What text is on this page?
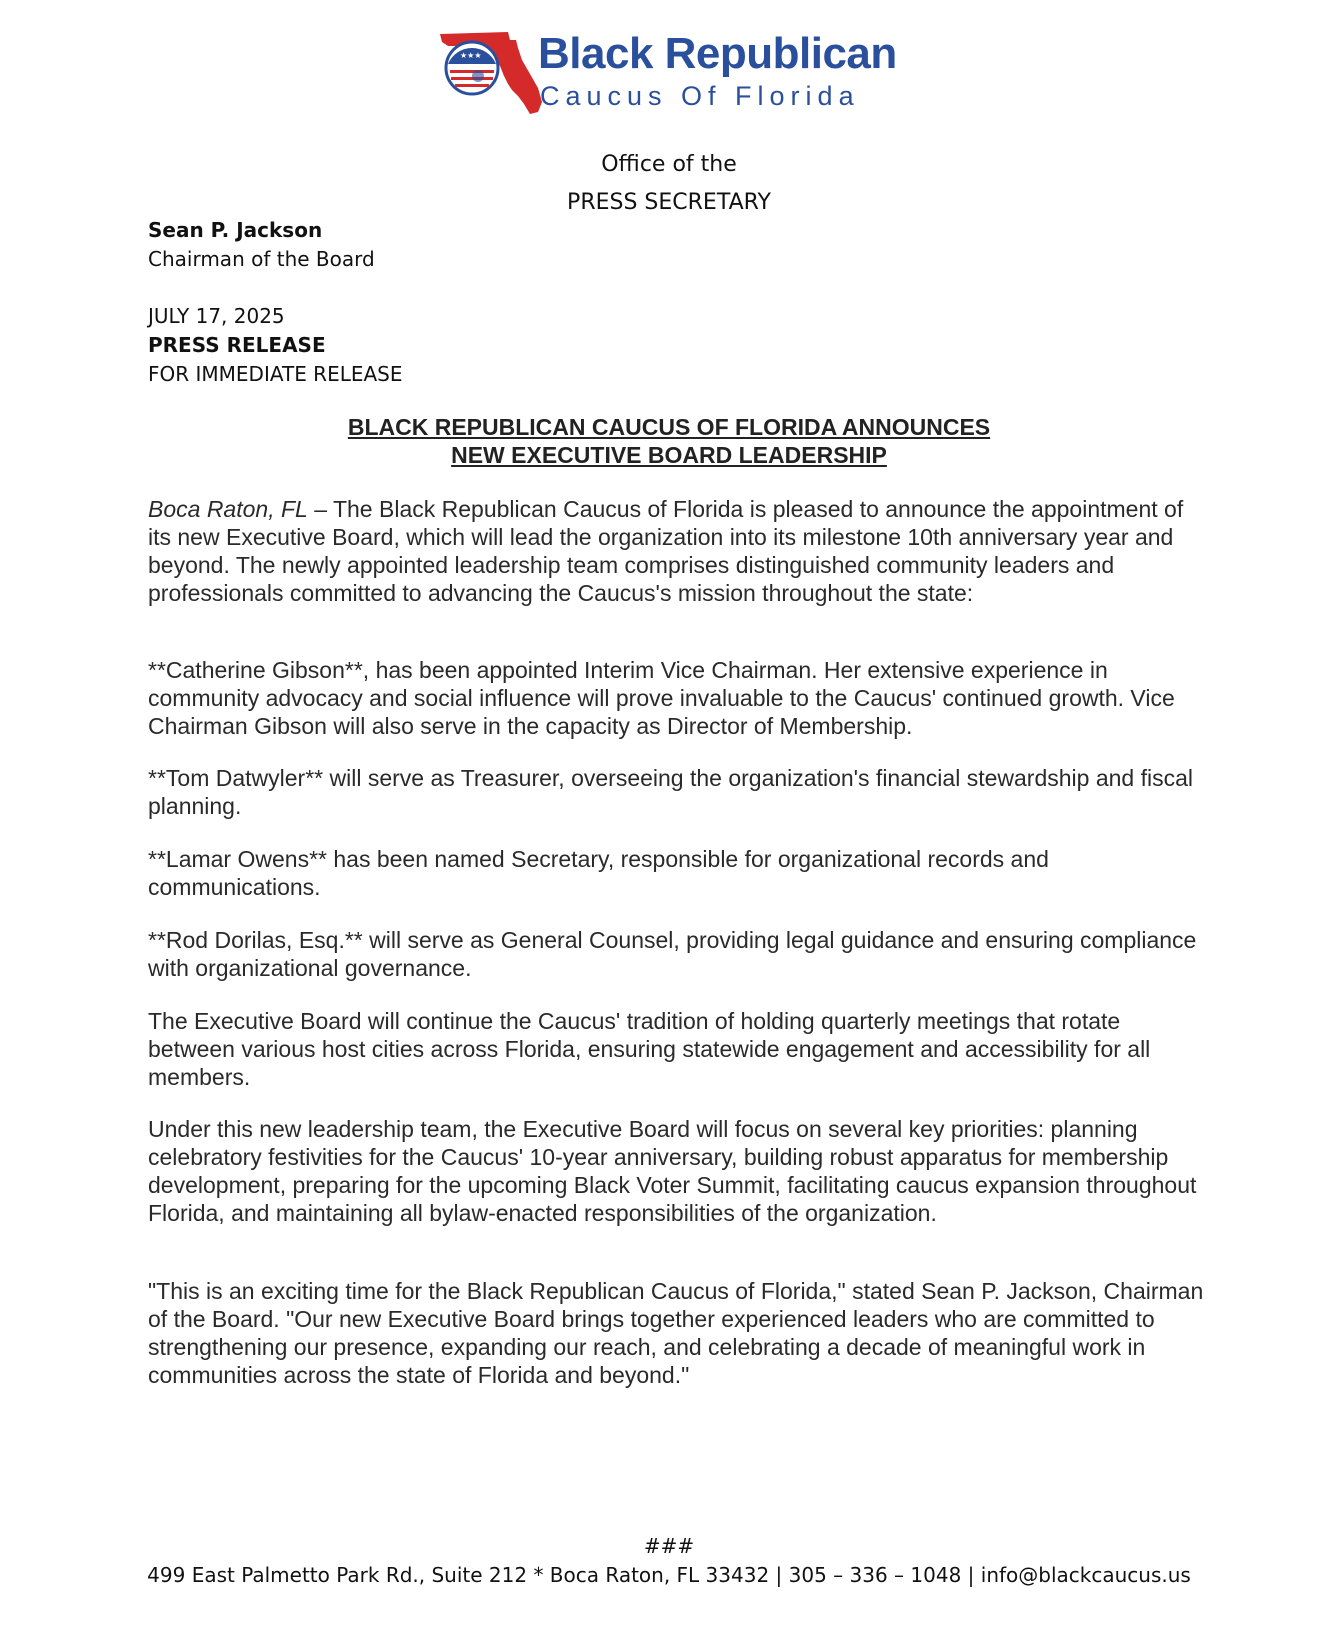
★★★ Black Republican
Caucus Of Florida
Office of the
PRESS SECRETARY
Sean P. Jackson
Chairman of the Board
JULY 17, 2025
PRESS RELEASE
FOR IMMEDIATE RELEASE
BLACK REPUBLICAN CAUCUS OF FLORIDA ANNOUNCES
NEW EXECUTIVE BOARD LEADERSHIP

Boca Raton, FL – The Black Republican Caucus of Florida is pleased to announce the appointment of its new Executive Board, which will lead the organization into its milestone 10th anniversary year and beyond. The newly appointed leadership team comprises distinguished community leaders and professionals committed to advancing the Caucus's mission throughout the state:

**Catherine Gibson**, has been appointed Interim Vice Chairman. Her extensive experience in community advocacy and social influence will prove invaluable to the Caucus' continued growth. Vice Chairman Gibson will also serve in the capacity as Director of Membership.

**Tom Datwyler** will serve as Treasurer, overseeing the organization's financial stewardship and fiscal planning.

**Lamar Owens** has been named Secretary, responsible for organizational records and communications.

**Rod Dorilas, Esq.** will serve as General Counsel, providing legal guidance and ensuring compliance with organizational governance.

The Executive Board will continue the Caucus' tradition of holding quarterly meetings that rotate between various host cities across Florida, ensuring statewide engagement and accessibility for all members.

Under this new leadership team, the Executive Board will focus on several key priorities: planning celebratory festivities for the Caucus' 10-year anniversary, building robust apparatus for membership development, preparing for the upcoming Black Voter Summit, facilitating caucus expansion throughout Florida, and maintaining all bylaw-enacted responsibilities of the organization.

"This is an exciting time for the Black Republican Caucus of Florida," stated Sean P. Jackson, Chairman of the Board. "Our new Executive Board brings together experienced leaders who are committed to strengthening our presence, expanding our reach, and celebrating a decade of meaningful work in communities across the state of Florida and beyond."

###
499 East Palmetto Park Rd., Suite 212 * Boca Raton, FL 33432 | 305 – 336 – 1048 | info@blackcaucus.us
